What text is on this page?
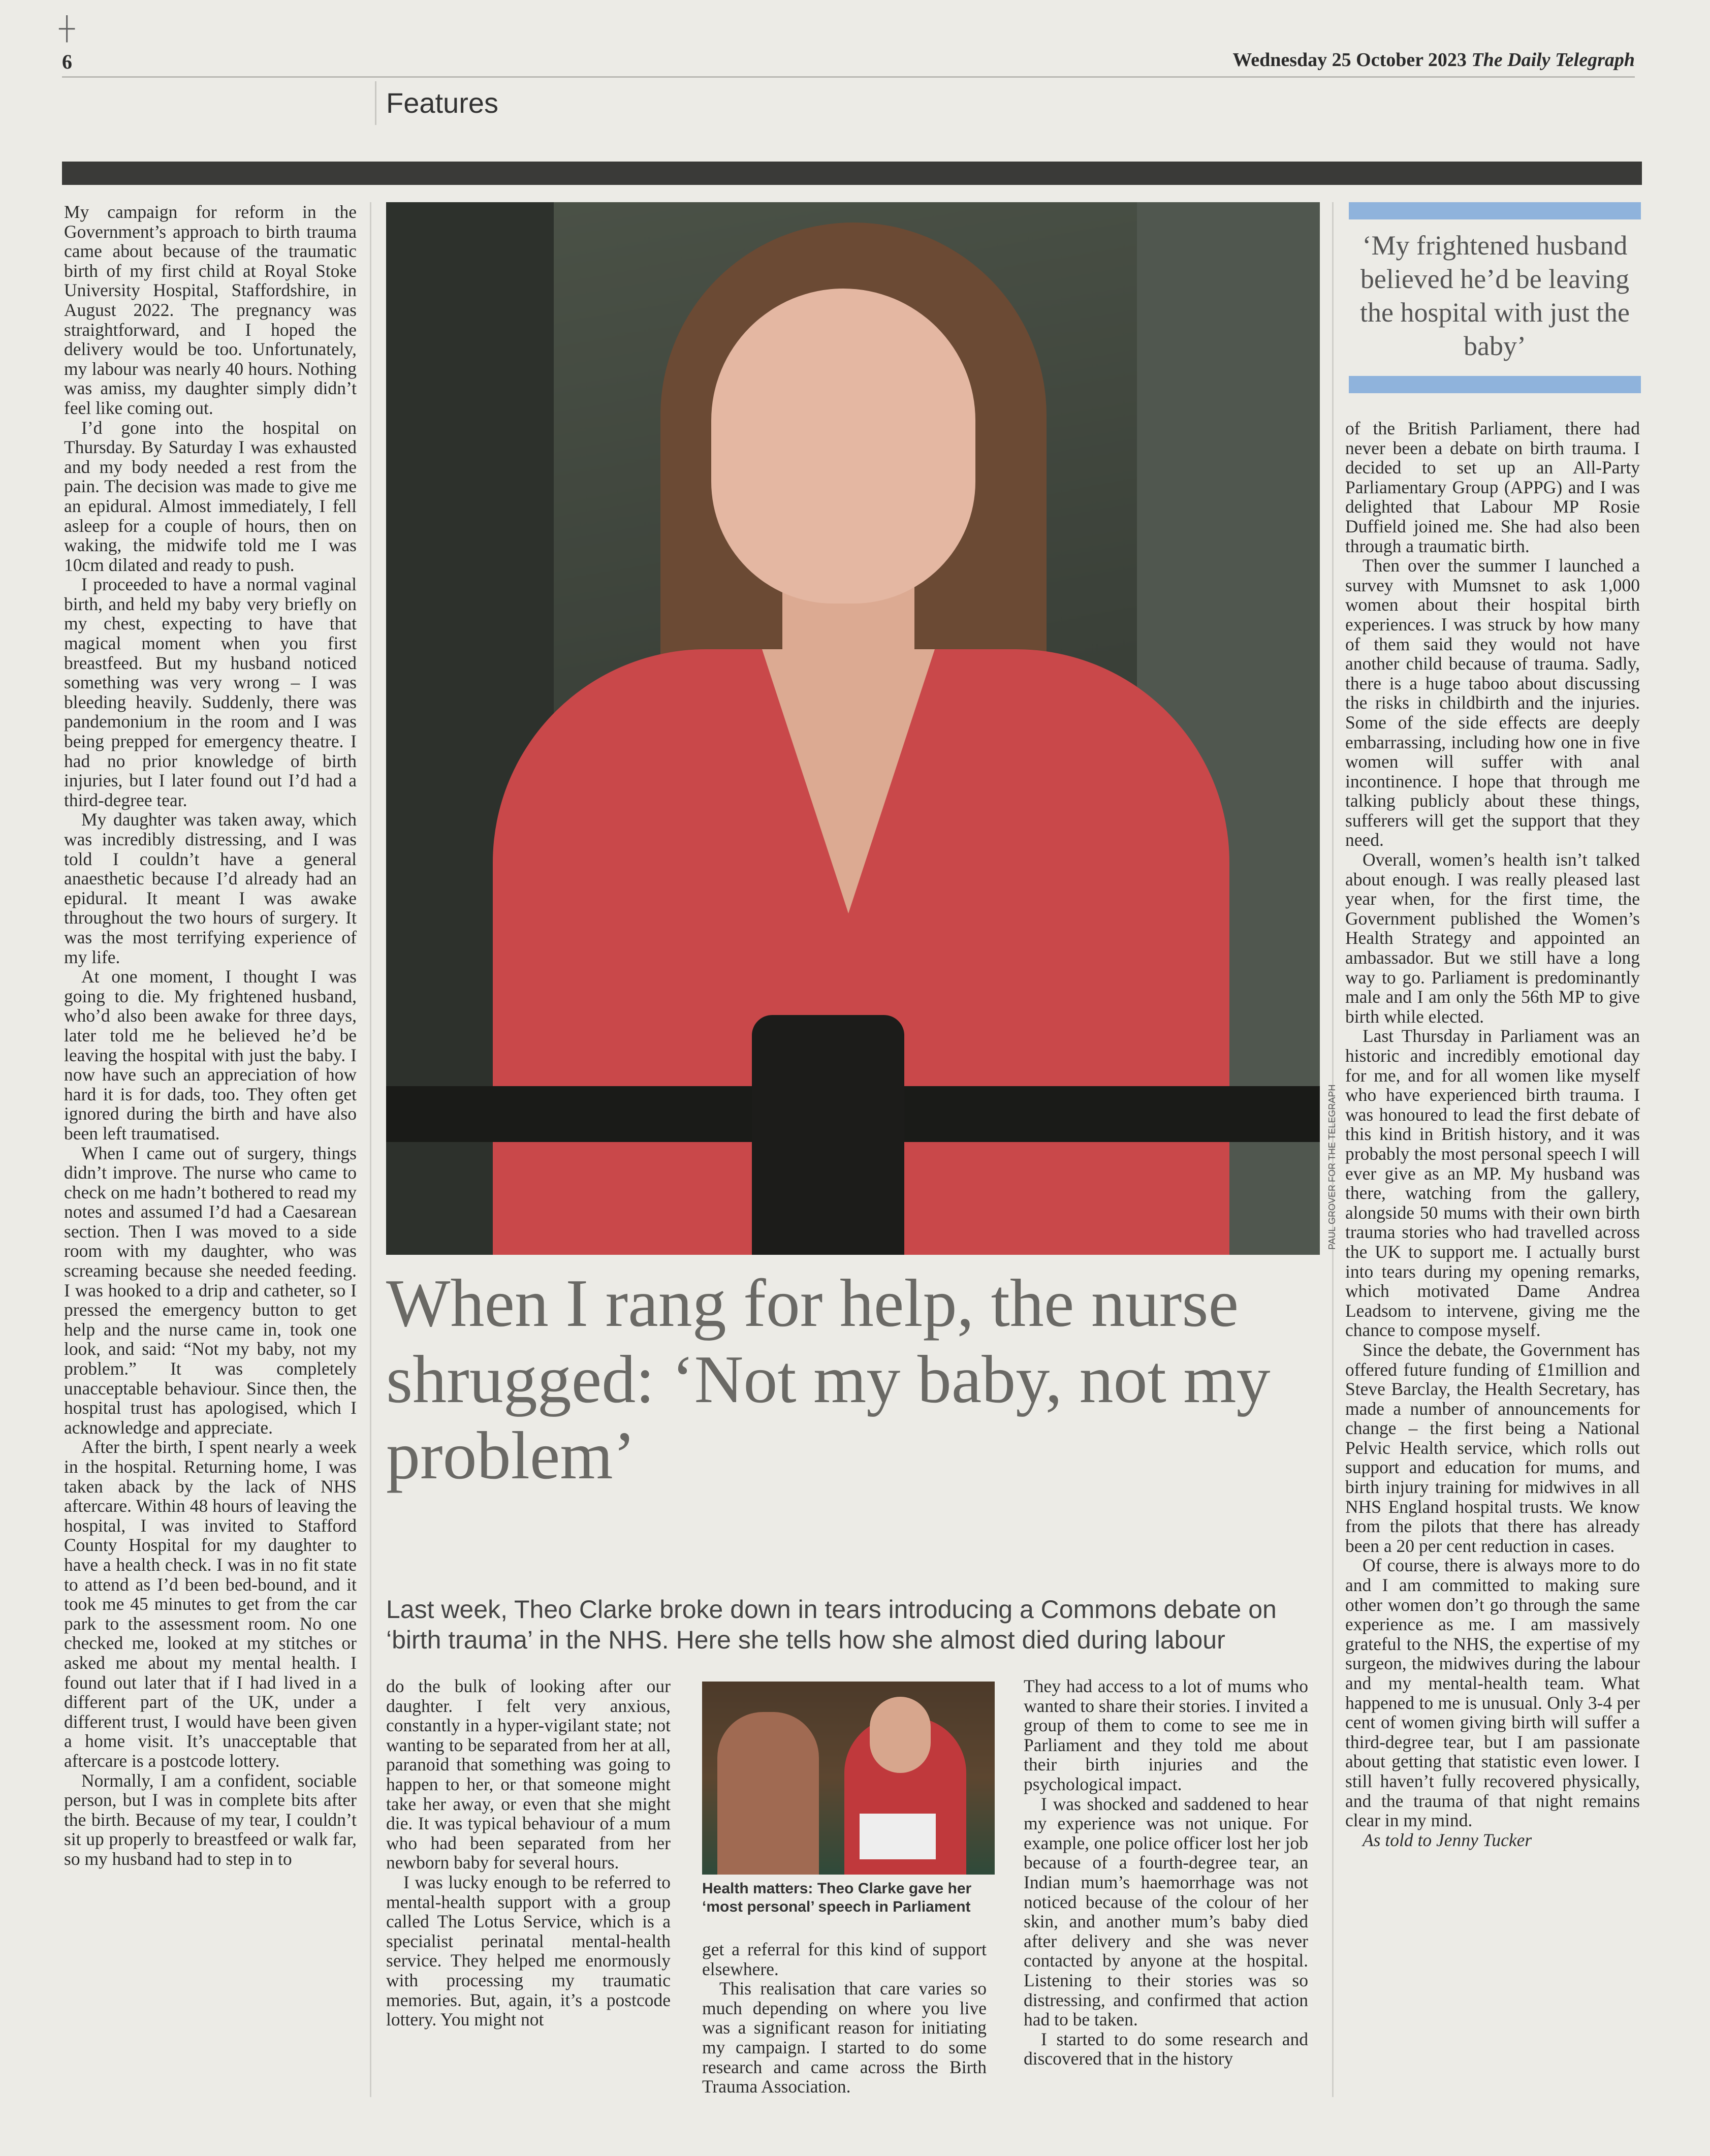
┼
6	Wednesday 25 October 2023 The Daily Telegraph
Features

My campaign for reform in the Government’s approach to birth trauma came about because of the traumatic birth of my first child at Royal Stoke University Hospital, Staffordshire, in August 2022. The pregnancy was straightforward, and I hoped the delivery would be too. Unfortunately, my labour was nearly 40 hours. Nothing was amiss, my daughter simply didn’t feel like coming out.

I’d gone into the hospital on Thursday. By Saturday I was exhausted and my body needed a rest from the pain. The decision was made to give me an epidural. Almost immediately, I fell asleep for a couple of hours, then on waking, the midwife told me I was 10cm dilated and ready to push.

I proceeded to have a normal vaginal birth, and held my baby very briefly on my chest, expecting to have that magical moment when you first breastfeed. But my husband noticed something was very wrong – I was bleeding heavily. Suddenly, there was pandemonium in the room and I was being prepped for emergency theatre. I had no prior knowledge of birth injuries, but I later found out I’d had a third-degree tear.

My daughter was taken away, which was incredibly distressing, and I was told I couldn’t have a general anaesthetic because I’d already had an epidural. It meant I was awake throughout the two hours of surgery. It was the most terrifying experience of my life.

At one moment, I thought I was going to die. My frightened husband, who’d also been awake for three days, later told me he believed he’d be leaving the hospital with just the baby. I now have such an appreciation of how hard it is for dads, too. They often get ignored during the birth and have also been left traumatised.

When I came out of surgery, things didn’t improve. The nurse who came to check on me hadn’t bothered to read my notes and assumed I’d had a Caesarean section. Then I was moved to a side room with my daughter, who was screaming because she needed feeding. I was hooked to a drip and catheter, so I pressed the emergency button to get help and the nurse came in, took one look, and said: “Not my baby, not my problem.” It was completely unacceptable behaviour. Since then, the hospital trust has apologised, which I acknowledge and appreciate.

After the birth, I spent nearly a week in the hospital. Returning home, I was taken aback by the lack of NHS aftercare. Within 48 hours of leaving the hospital, I was invited to Stafford County Hospital for my daughter to have a health check. I was in no fit state to attend as I’d been bed-bound, and it took me 45 minutes to get from the car park to the assessment room. No one checked me, looked at my stitches or asked me about my mental health. I found out later that if I had lived in a different part of the UK, under a different trust, I would have been given a home visit. It’s unacceptable that aftercare is a postcode lottery.

Normally, I am a confident, sociable person, but I was in complete bits after the birth. Because of my tear, I couldn’t sit up properly to breastfeed or walk far, so my husband had to step in to

PAUL GROVER FOR THE TELEGRAPH
When I rang for help, the nurse shrugged: ‘Not my baby, not my problem’
Last week, Theo Clarke broke down in tears introducing a Commons debate on ‘birth trauma’ in the NHS. Here she tells how she almost died during labour

do the bulk of looking after our daughter. I felt very anxious, constantly in a hyper-vigilant state; not wanting to be separated from her at all, paranoid that something was going to happen to her, or that someone might take her away, or even that she might die. It was typical behaviour of a mum who had been separated from her newborn baby for several hours.

I was lucky enough to be referred to mental-health support with a group called The Lotus Service, which is a specialist perinatal mental-health service. They helped me enormously with processing my traumatic memories. But, again, it’s a postcode lottery. You might not

Health matters: Theo Clarke gave her ‘most personal’ speech in Parliament

get a referral for this kind of support elsewhere.

This realisation that care varies so much depending on where you live was a significant reason for initiating my campaign. I started to do some research and came across the Birth Trauma Association.

They had access to a lot of mums who wanted to share their stories. I invited a group of them to come to see me in Parliament and they told me about their birth injuries and the psychological impact.

I was shocked and saddened to hear my experience was not unique. For example, one police officer lost her job because of a fourth-degree tear, an Indian mum’s haemorrhage was not noticed because of the colour of her skin, and another mum’s baby died after delivery and she was never contacted by anyone at the hospital. Listening to their stories was so distressing, and confirmed that action had to be taken.

I started to do some research and discovered that in the history

‘My frightened husband believed he’d be leaving the hospital with just the baby’

of the British Parliament, there had never been a debate on birth trauma. I decided to set up an All-Party Parliamentary Group (APPG) and I was delighted that Labour MP Rosie Duffield joined me. She had also been through a traumatic birth.

Then over the summer I launched a survey with Mumsnet to ask 1,000 women about their hospital birth experiences. I was struck by how many of them said they would not have another child because of trauma. Sadly, there is a huge taboo about discussing the risks in childbirth and the injuries. Some of the side effects are deeply embarrassing, including how one in five women will suffer with anal incontinence. I hope that through me talking publicly about these things, sufferers will get the support that they need.

Overall, women’s health isn’t talked about enough. I was really pleased last year when, for the first time, the Government published the Women’s Health Strategy and appointed an ambassador. But we still have a long way to go. Parliament is predominantly male and I am only the 56th MP to give birth while elected.

Last Thursday in Parliament was an historic and incredibly emotional day for me, and for all women like myself who have experienced birth trauma. I was honoured to lead the first debate of this kind in British history, and it was probably the most personal speech I will ever give as an MP. My husband was there, watching from the gallery, alongside 50 mums with their own birth trauma stories who had travelled across the UK to support me. I actually burst into tears during my opening remarks, which motivated Dame Andrea Leadsom to intervene, giving me the chance to compose myself.

Since the debate, the Government has offered future funding of £1million and Steve Barclay, the Health Secretary, has made a number of announcements for change – the first being a National Pelvic Health service, which rolls out support and education for mums, and birth injury training for midwives in all NHS England hospital trusts. We know from the pilots that there has already been a 20 per cent reduction in cases.

Of course, there is always more to do and I am committed to making sure other women don’t go through the same experience as me. I am massively grateful to the NHS, the expertise of my surgeon, the midwives during the labour and my mental-health team. What happened to me is unusual. Only 3-4 per cent of women giving birth will suffer a third-degree tear, but I am passionate about getting that statistic even lower. I still haven’t fully recovered physically, and the trauma of that night remains clear in my mind.

As told to Jenny Tucker
